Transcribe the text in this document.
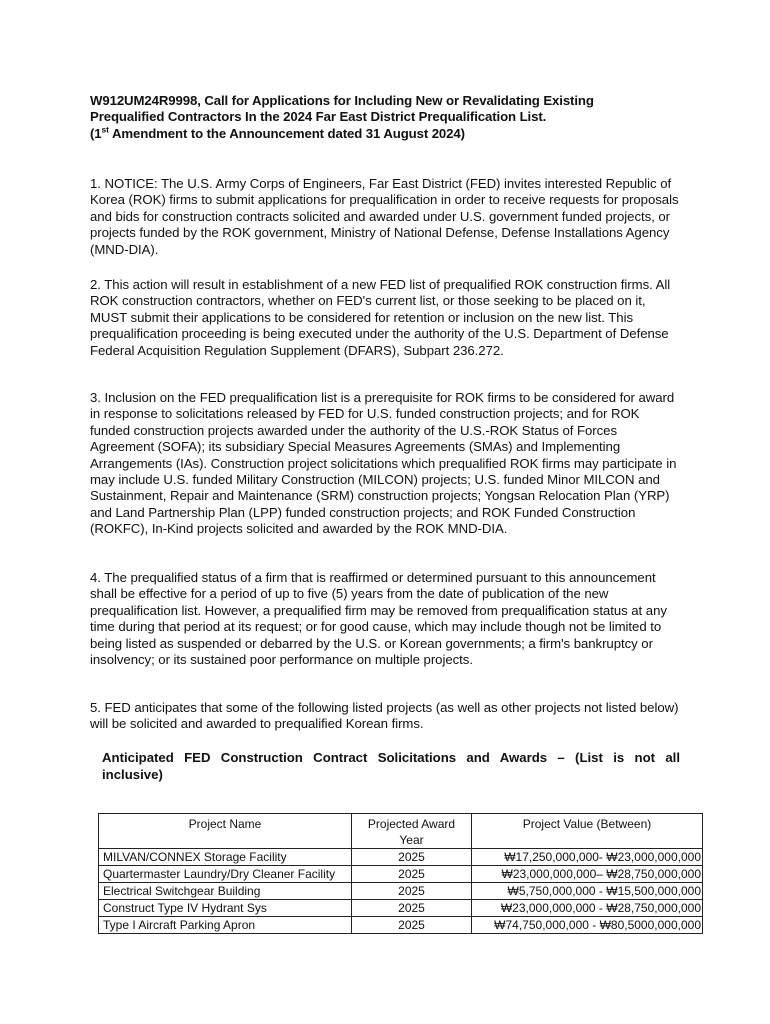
W912UM24R9998, Call for Applications for Including New or Revalidating Existing
Prequalified Contractors In the 2024 Far East District Prequalification List.
(1st Amendment to the Announcement dated 31 August 2024)
1. NOTICE: The U.S. Army Corps of Engineers, Far East District (FED) invites interested Republic of Korea (ROK) firms to submit applications for prequalification in order to receive requests for proposals and bids for construction contracts solicited and awarded under U.S. government funded projects, or projects funded by the ROK government, Ministry of National Defense, Defense Installations Agency (MND-DIA).
2. This action will result in establishment of a new FED list of prequalified ROK construction firms. All ROK construction contractors, whether on FED's current list, or those seeking to be placed on it, MUST submit their applications to be considered for retention or inclusion on the new list. This prequalification proceeding is being executed under the authority of the U.S. Department of Defense Federal Acquisition Regulation Supplement (DFARS), Subpart 236.272.
3. Inclusion on the FED prequalification list is a prerequisite for ROK firms to be considered for award in response to solicitations released by FED for U.S. funded construction projects; and for ROK funded construction projects awarded under the authority of the U.S.-ROK Status of Forces Agreement (SOFA); its subsidiary Special Measures Agreements (SMAs) and Implementing Arrangements (IAs). Construction project solicitations which prequalified ROK firms may participate in may include U.S. funded Military Construction (MILCON) projects; U.S. funded Minor MILCON and Sustainment, Repair and Maintenance (SRM) construction projects; Yongsan Relocation Plan (YRP) and Land Partnership Plan (LPP) funded construction projects; and ROK Funded Construction (ROKFC), In-Kind projects solicited and awarded by the ROK MND-DIA.
4. The prequalified status of a firm that is reaffirmed or determined pursuant to this announcement shall be effective for a period of up to five (5) years from the date of publication of the new prequalification list. However, a prequalified firm may be removed from prequalification status at any time during that period at its request; or for good cause, which may include though not be limited to being listed as suspended or debarred by the U.S. or Korean governments; a firm's bankruptcy or insolvency; or its sustained poor performance on multiple projects.
5. FED anticipates that some of the following listed projects (as well as other projects not listed below) will be solicited and awarded to prequalified Korean firms.
Anticipated FED Construction Contract Solicitations and Awards – (List is not all inclusive)
Project Name	Projected Award Year	Project Value (Between)
MILVAN/CONNEX Storage Facility	2025	₩17,250,000,000- ₩23,000,000,000
Quartermaster Laundry/Dry Cleaner Facility	2025	₩23,000,000,000– ₩28,750,000,000
Electrical Switchgear Building	2025	₩5,750,000,000 - ₩15,500,000,000
Construct Type IV Hydrant Sys	2025	₩23,000,000,000 - ₩28,750,000,000
Type I Aircraft Parking Apron	2025	₩74,750,000,000 - ₩80,5000,000,000
